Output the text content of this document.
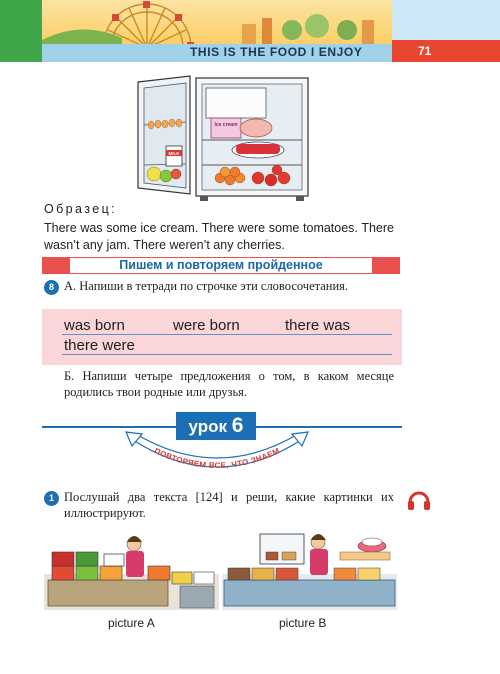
THIS IS THE FOOD I ENJOY	71
MILK
Ice cream
Образец:
There was some ice cream. There were some tomatoes. There wasn’t any jam. There weren’t any cherries.
Пишем и повторяем пройденное
8 А. Напиши в тетради по строчке эти словосочетания.
was born	were born	there was
there were
Б. Напиши четыре предложения о том, в каком месяце родились твои родные или друзья.
урок 6
ПОВТОРЯЕМ ВСЕ, ЧТО ЗНАЕМ
1 Послушай два текста [124] и реши, какие картинки их иллюстрируют.
picture A	picture B
